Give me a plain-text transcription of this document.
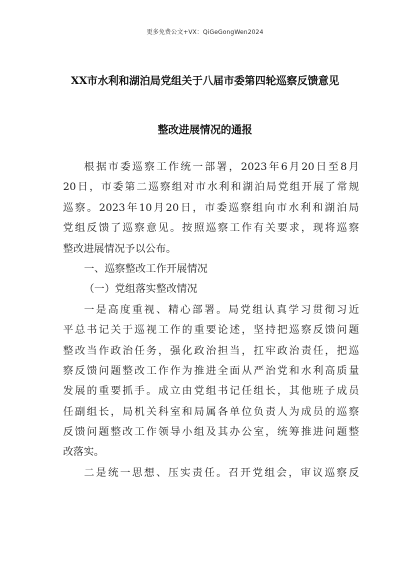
更多免费公文+VX：QiGeGongWen2024
XX市水利和湖泊局党组关于八届市委第四轮巡察反馈意见
整改进展情况的通报
根据市委巡察工作统一部署，2023年6月20日至8月
20日，市委第二巡察组对市水利和湖泊局党组开展了常规
巡察。2023年10月20日，市委巡察组向市水利和湖泊局
党组反馈了巡察意见。按照巡察工作有关要求，现将巡察
整改进展情况予以公布。
一、巡察整改工作开展情况
（一）党组落实整改情况
一是高度重视、精心部署。局党组认真学习贯彻习近
平总书记关于巡视工作的重要论述，坚持把巡察反馈问题
整改当作政治任务，强化政治担当，扛牢政治责任，把巡
察反馈问题整改工作作为推进全面从严治党和水利高质量
发展的重要抓手。成立由党组书记任组长，其他班子成员
任副组长，局机关科室和局属各单位负责人为成员的巡察
反馈问题整改工作领导小组及其办公室，统筹推进问题整
改落实。
二是统一思想、压实责任。召开党组会，审议巡察反
